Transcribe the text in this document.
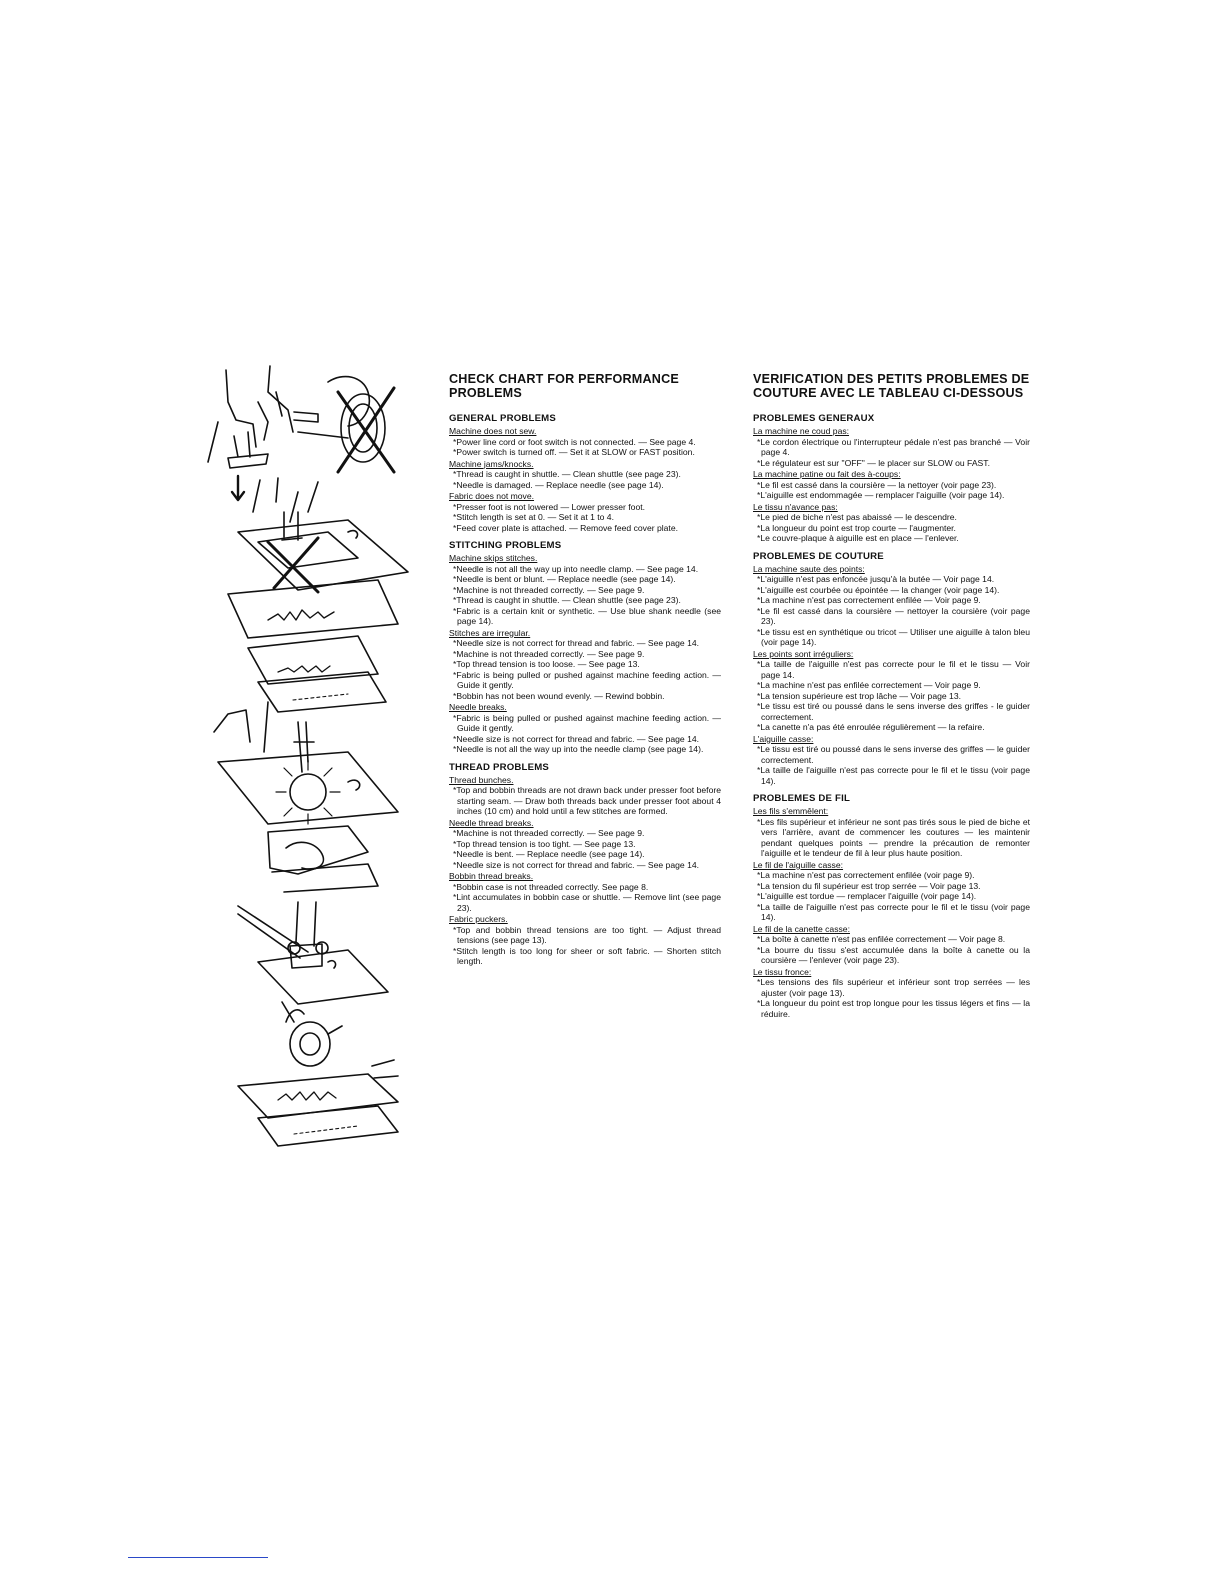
CHECK CHART FOR PERFORMANCE PROBLEMS
GENERAL PROBLEMS
Machine does not sew.

*Power line cord or foot switch is not connected. — See page 4.

*Power switch is turned off. — Set it at SLOW or FAST position.

Machine jams/knocks.

*Thread is caught in shuttle. — Clean shuttle (see page 23).

*Needle is damaged. — Replace needle (see page 14).

Fabric does not move.

*Presser foot is not lowered — Lower presser foot.

*Stitch length is set at 0. — Set it at 1 to 4.

*Feed cover plate is attached. — Remove feed cover plate.

STITCHING PROBLEMS
Machine skips stitches.

*Needle is not all the way up into needle clamp. — See page 14.

*Needle is bent or blunt. — Replace needle (see page 14).

*Machine is not threaded correctly. — See page 9.

*Thread is caught in shuttle. — Clean shuttle (see page 23).

*Fabric is a certain knit or synthetic. — Use blue shank needle (see page 14).

Stitches are irregular.

*Needle size is not correct for thread and fabric. — See page 14.

*Machine is not threaded correctly. — See page 9.

*Top thread tension is too loose. — See page 13.

*Fabric is being pulled or pushed against machine feeding action. — Guide it gently.

*Bobbin has not been wound evenly. — Rewind bobbin.

Needle breaks.

*Fabric is being pulled or pushed against machine feeding action. — Guide it gently.

*Needle size is not correct for thread and fabric. — See page 14.

*Needle is not all the way up into the needle clamp (see page 14).

THREAD PROBLEMS
Thread bunches.

*Top and bobbin threads are not drawn back under presser foot before starting seam. — Draw both threads back under presser foot about 4 inches (10 cm) and hold until a few stitches are formed.

Needle thread breaks.

*Machine is not threaded correctly. — See page 9.

*Top thread tension is too tight. — See page 13.

*Needle is bent. — Replace needle (see page 14).

*Needle size is not correct for thread and fabric. — See page 14.

Bobbin thread breaks.

*Bobbin case is not threaded correctly. See page 8.

*Lint accumulates in bobbin case or shuttle. — Remove lint (see page 23).

Fabric puckers.

*Top and bobbin thread tensions are too tight. — Adjust thread tensions (see page 13).

*Stitch length is too long for sheer or soft fabric. — Shorten stitch length.

VERIFICATION DES PETITS PROBLEMES DE COUTURE AVEC LE TABLEAU CI-DESSOUS
PROBLEMES GENERAUX
La machine ne coud pas:

*Le cordon électrique ou l'interrupteur pédale n'est pas branché — Voir page 4.

*Le régulateur est sur "OFF" — le placer sur SLOW ou FAST.

La machine patine ou fait des à-coups:

*Le fil est cassé dans la coursière — la nettoyer (voir page 23).

*L'aiguille est endommagée — remplacer l'aiguille (voir page 14).

Le tissu n'avance pas:

*Le pied de biche n'est pas abaissé — le descendre.

*La longueur du point est trop courte — l'augmenter.

*Le couvre-plaque à aiguille est en place — l'enlever.

PROBLEMES DE COUTURE
La machine saute des points:

*L'aiguille n'est pas enfoncée jusqu'à la butée — Voir page 14.

*L'aiguille est courbée ou épointée — la changer (voir page 14).

*La machine n'est pas correctement enfilée — Voir page 9.

*Le fil est cassé dans la coursière — nettoyer la coursière (voir page 23).

*Le tissu est en synthétique ou tricot — Utiliser une aiguille à talon bleu (voir page 14).

Les points sont irréguliers:

*La taille de l'aiguille n'est pas correcte pour le fil et le tissu — Voir page 14.

*La machine n'est pas enfilée correctement — Voir page 9.

*La tension supérieure est trop lâche — Voir page 13.

*Le tissu est tiré ou poussé dans le sens inverse des griffes - le guider correctement.

*La canette n'a pas été enroulée régulièrement — la refaire.

L'aiguille casse:

*Le tissu est tiré ou poussé dans le sens inverse des griffes — le guider correctement.

*La taille de l'aiguille n'est pas correcte pour le fil et le tissu (voir page 14).

PROBLEMES DE FIL
Les fils s'emmêlent:

*Les fils supérieur et inférieur ne sont pas tirés sous le pied de biche et vers l'arrière, avant de commencer les coutures — les maintenir pendant quelques points — prendre la précaution de remonter l'aiguille et le tendeur de fil à leur plus haute position.

Le fil de l'aiguille casse:

*La machine n'est pas correctement enfilée (voir page 9).

*La tension du fil supérieur est trop serrée — Voir page 13.

*L'aiguille est tordue — remplacer l'aiguille (voir page 14).

*La taille de l'aiguille n'est pas correcte pour le fil et le tissu (voir page 14).

Le fil de la canette casse:

*La boîte à canette n'est pas enfilée correctement — Voir page 8.

*La bourre du tissu s'est accumulée dans la boîte à canette ou la coursière — l'enlever (voir page 23).

Le tissu fronce:

*Les tensions des fils supérieur et inférieur sont trop serrées — les ajuster (voir page 13).

*La longueur du point est trop longue pour les tissus légers et fins — la réduire.
